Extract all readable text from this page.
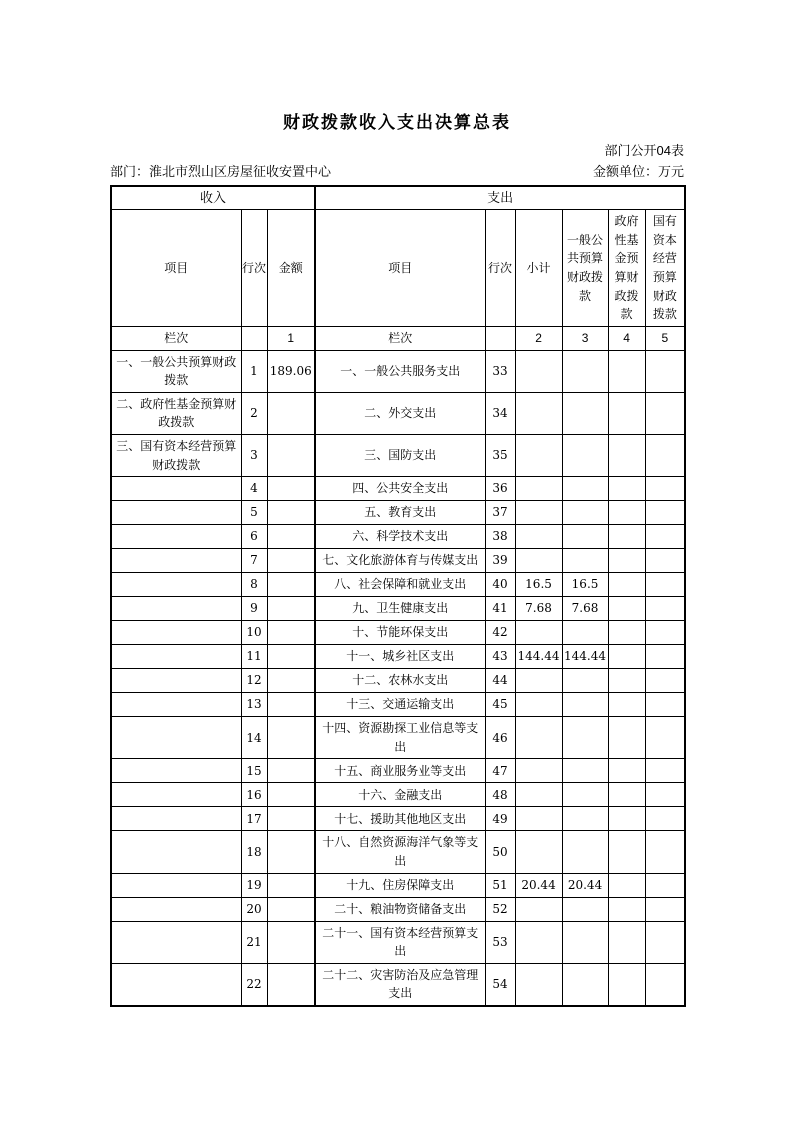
财政拨款收入支出决算总表
部门公开04表
部门：淮北市烈山区房屋征收安置中心	金额单位：万元
收入			支出					
项目	行次	金额	项目	行次	小计	一般公共预算财政拨款	政府性基金预算财政拨款	国有资本经营预算财政拨款
栏次		1	栏次		2	3	4	5
一、一般公共预算财政拨款	1	189.06	一、一般公共服务支出	33				
二、政府性基金预算财政拨款	2		二、外交支出	34				
三、国有资本经营预算财政拨款	3		三、国防支出	35				
	4		四、公共安全支出	36				
	5		五、教育支出	37				
	6		六、科学技术支出	38				
	7		七、文化旅游体育与传媒支出	39				
	8		八、社会保障和就业支出	40	16.5	16.5		
	9		九、卫生健康支出	41	7.68	7.68		
	10		十、节能环保支出	42				
	11		十一、城乡社区支出	43	144.44	144.44		
	12		十二、农林水支出	44				
	13		十三、交通运输支出	45				
	14		十四、资源勘探工业信息等支出	46				
	15		十五、商业服务业等支出	47				
	16		十六、金融支出	48				
	17		十七、援助其他地区支出	49				
	18		十八、自然资源海洋气象等支出	50				
	19		十九、住房保障支出	51	20.44	20.44		
	20		二十、粮油物资储备支出	52				
	21		二十一、国有资本经营预算支出	53				
	22		二十二、灾害防治及应急管理支出	54				
